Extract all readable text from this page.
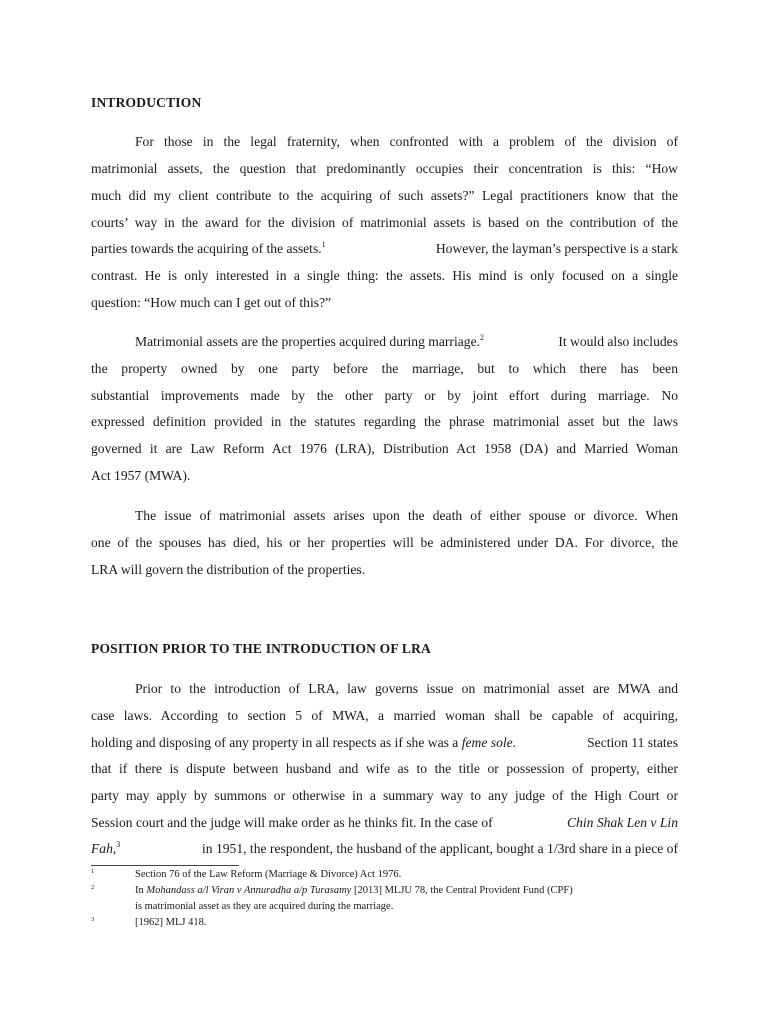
INTRODUCTION
For those in the legal fraternity, when confronted with a problem of the division of
matrimonial assets, the question that predominantly occupies their concentration is this: “How
much did my client contribute to the acquiring of such assets?” Legal practitioners know that the
courts’ way in the award for the division of matrimonial assets is based on the contribution of the
parties towards the acquiring of the assets.$^1$	However, the layman’s perspective is a stark
contrast. He is only interested in a single thing: the assets. His mind is only focused on a single
question: “How much can I get out of this?”
Matrimonial assets are the properties acquired during marriage.$^2$	It would also includes
the property owned by one party before the marriage, but to which there has been
substantial improvements made by the other party or by joint effort during marriage. No
expressed definition provided in the statutes regarding the phrase matrimonial asset but the laws
governed it are Law Reform Act 1976 (LRA), Distribution Act 1958 (DA) and Married Woman
Act 1957 (MWA).
The issue of matrimonial assets arises upon the death of either spouse or divorce. When
one of the spouses has died, his or her properties will be administered under DA. For divorce, the
LRA will govern the distribution of the properties.
POSITION PRIOR TO THE INTRODUCTION OF LRA
Prior to the introduction of LRA, law governs issue on matrimonial asset are MWA and
case laws. According to section 5 of MWA, a married woman shall be capable of acquiring,
holding and disposing of any property in all respects as if she was a feme sole.	Section 11 states
that if there is dispute between husband and wife as to the title or possession of property, either
party may apply by summons or otherwise in a summary way to any judge of the High Court or
Session court and the judge will make order as he thinks fit. In the case of	Chin Shak Len v Lin
Fah,$^3$	in 1951, the respondent, the husband of the applicant, bought a 1/3rd share in a piece of
1	Section 76 of the Law Reform (Marriage & Divorce) Act 1976.
2	In Mohandass a/l Viran v Annuradha a/p Turasamy [2013] MLJU 78, the Central Provident Fund (CPF)
is matrimonial asset as they are acquired during the marriage.
3	[1962] MLJ 418.
